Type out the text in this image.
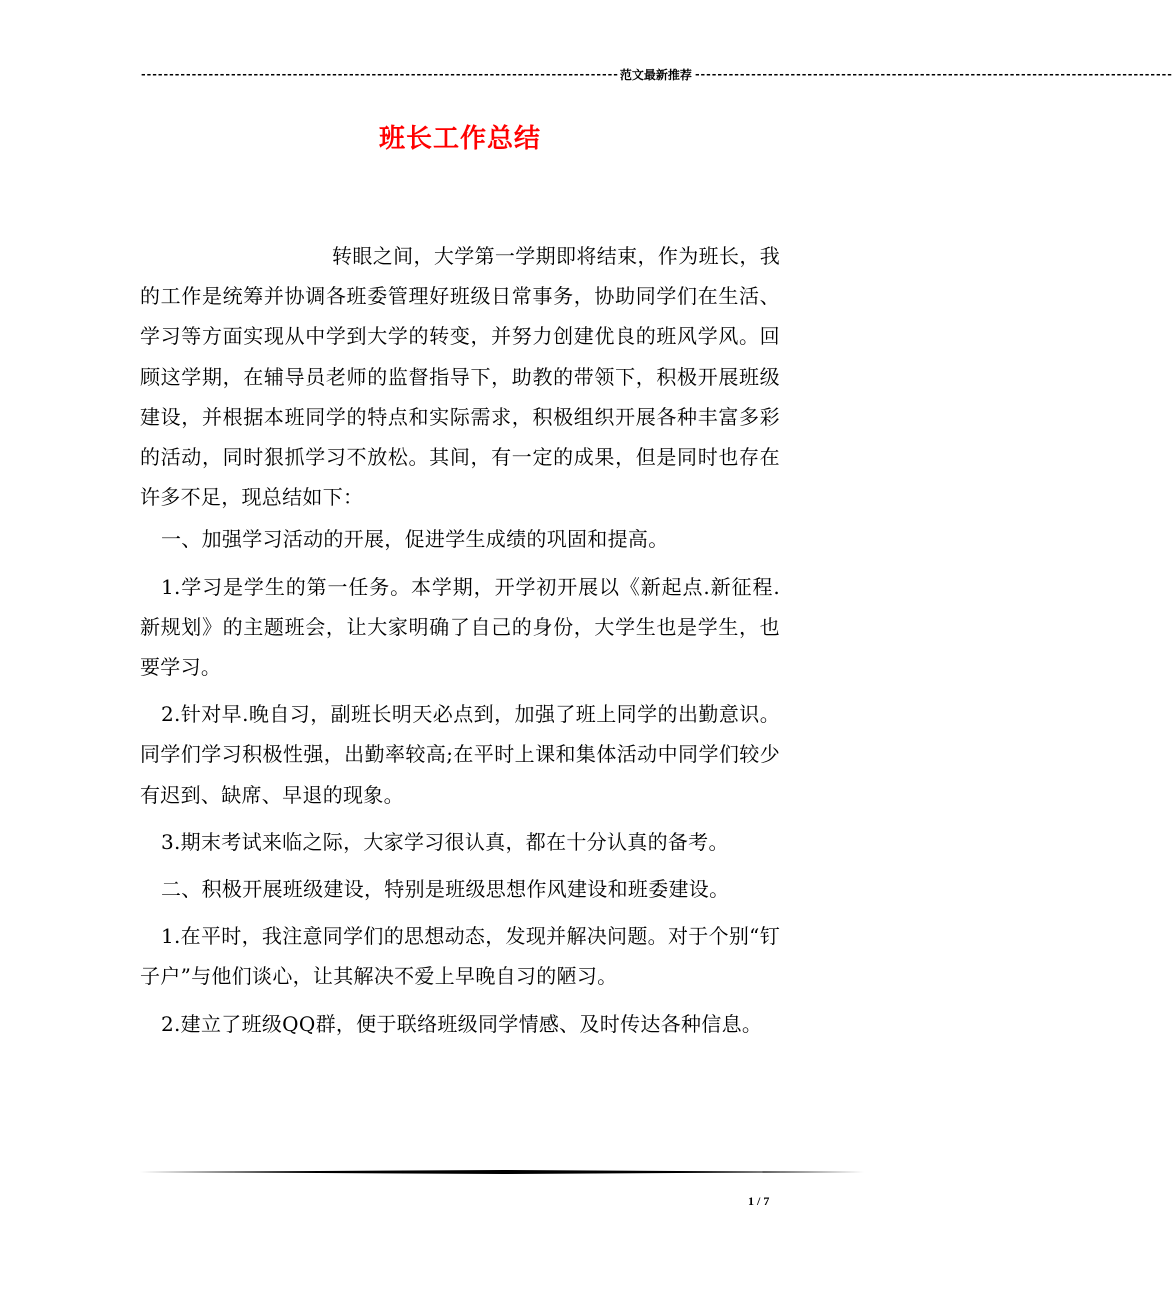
------------------------------------------------------------------------------------- 范文最新推荐 -------------------------------------------------------------------------------------
班长工作总结

转眼之间，大学第一学期即将结束，作为班长，我的工作是统筹并协调各班委管理好班级日常事务，协助同学们在生活、学习等方面实现从中学到大学的转变，并努力创建优良的班风学风。回顾这学期，在辅导员老师的监督指导下，助教的带领下，积极开展班级建设，并根据本班同学的特点和实际需求，积极组织开展各种丰富多彩的活动，同时狠抓学习不放松。其间，有一定的成果，但是同时也存在许多不足，现总结如下：

一、加强学习活动的开展，促进学生成绩的巩固和提高。

1.学习是学生的第一任务。本学期，开学初开展以《新起点.新征程.新规划》的主题班会，让大家明确了自己的身份，大学生也是学生，也要学习。

2.针对早.晚自习，副班长明天必点到，加强了班上同学的出勤意识。同学们学习积极性强，出勤率较高;在平时上课和集体活动中同学们较少有迟到、缺席、早退的现象。

3.期末考试来临之际，大家学习很认真，都在十分认真的备考。

二、积极开展班级建设，特别是班级思想作风建设和班委建设。

1.在平时，我注意同学们的思想动态，发现并解决问题。对于个别“钉子户”与他们谈心，让其解决不爱上早晚自习的陋习。

2.建立了班级QQ群，便于联络班级同学情感、及时传达各种信息。

1 / 7
